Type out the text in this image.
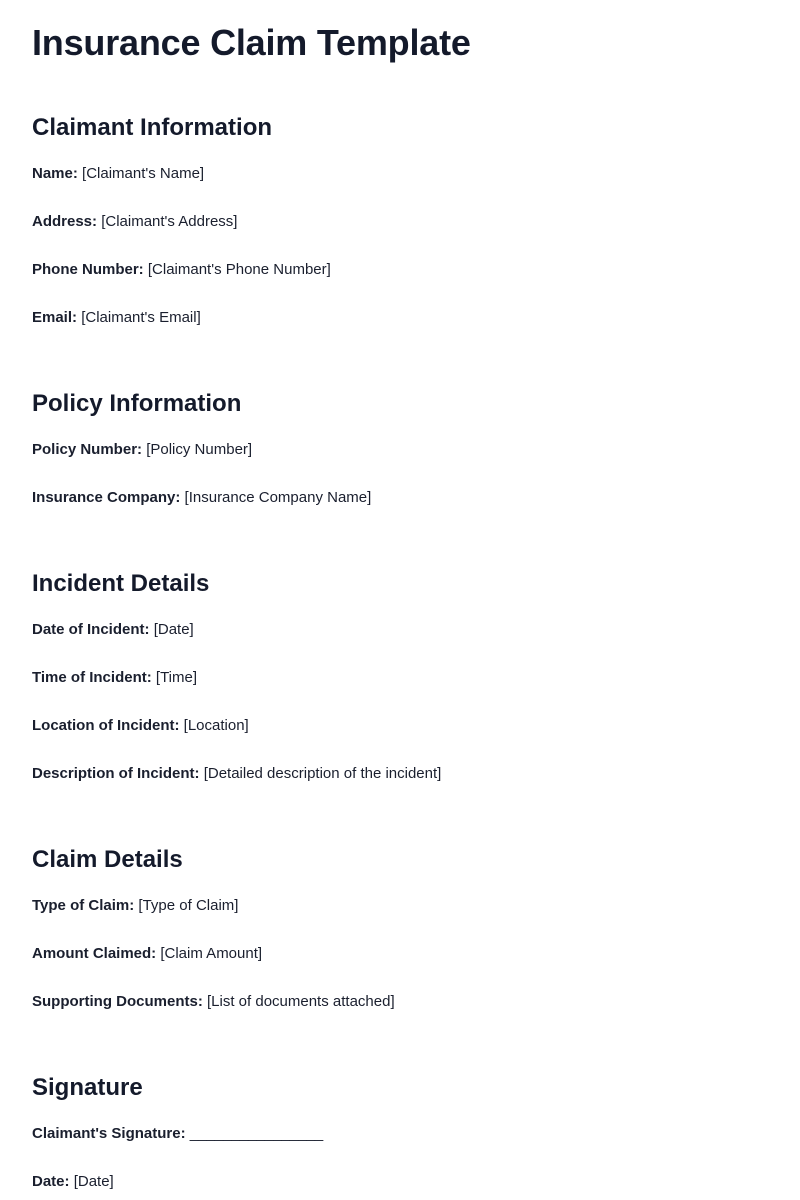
Insurance Claim Template
Claimant Information

Name: [Claimant's Name]

Address: [Claimant's Address]

Phone Number: [Claimant's Phone Number]

Email: [Claimant's Email]

Policy Information

Policy Number: [Policy Number]

Insurance Company: [Insurance Company Name]

Incident Details

Date of Incident: [Date]

Time of Incident: [Time]

Location of Incident: [Location]

Description of Incident: [Detailed description of the incident]

Claim Details

Type of Claim: [Type of Claim]

Amount Claimed: [Claim Amount]

Supporting Documents: [List of documents attached]

Signature

Claimant's Signature: ________________

Date: [Date]
